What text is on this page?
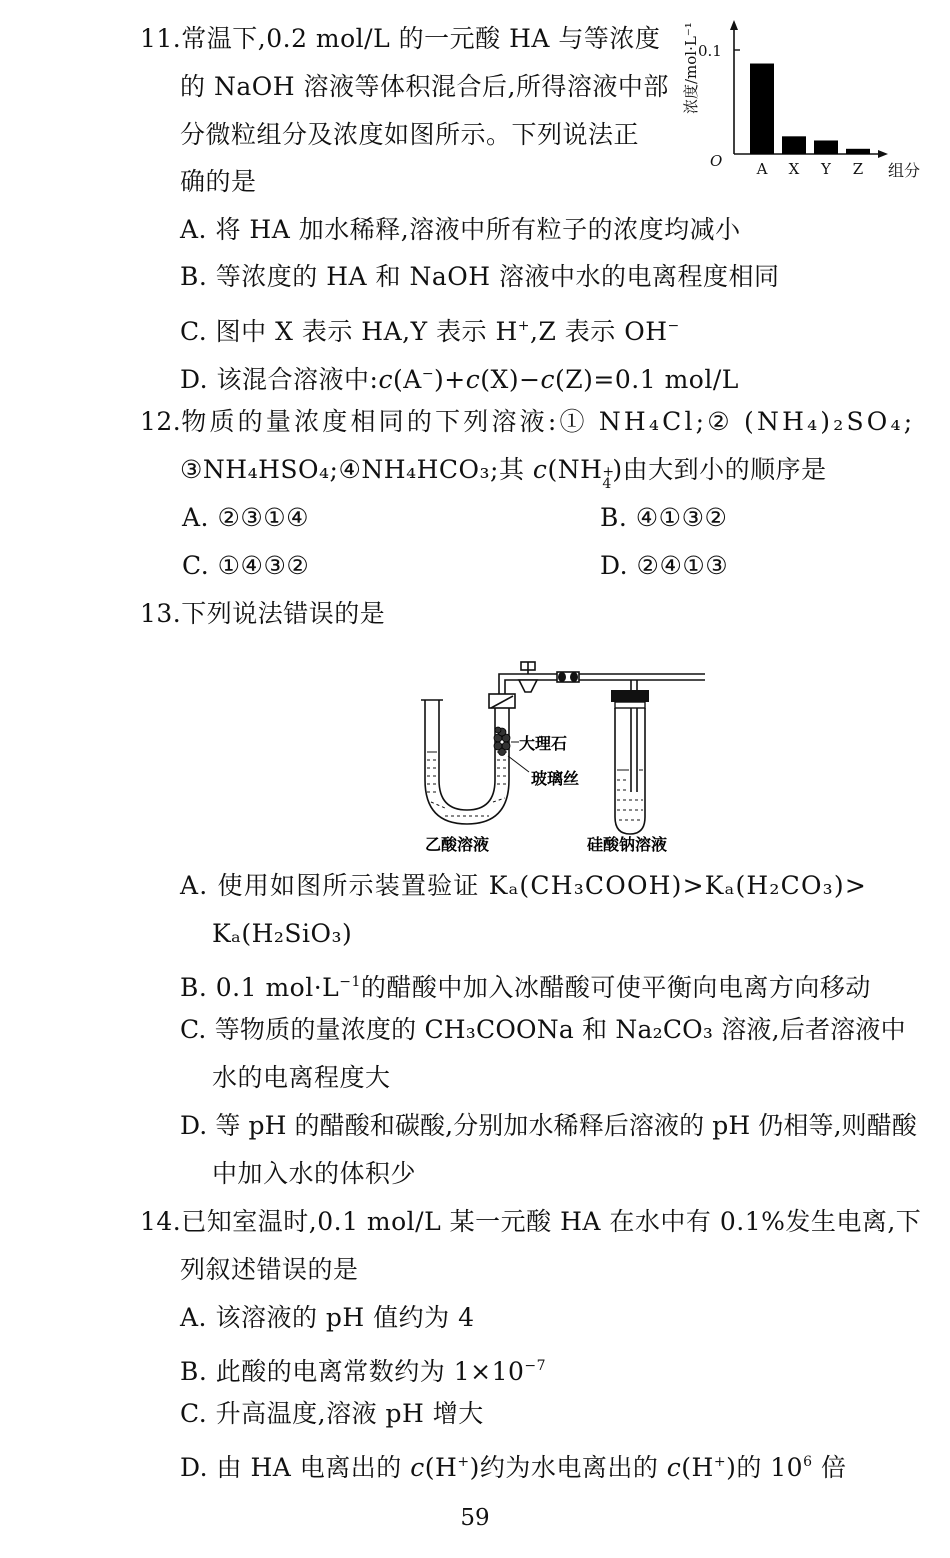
11.常温下,0.2 mol/L 的一元酸 HA 与等浓度
的 NaOH 溶液等体积混合后,所得溶液中部
分微粒组分及浓度如图所示。下列说法正
确的是
浓度/mol·L⁻¹
0.1
O	组分
A X Y Z
12.物质的量浓度相同的下列溶液:① NH₄Cl;② (NH₄)₂SO₄;
③NH₄HSO₄;④NH₄HCO₃;其 c(NH +
4 )由大到小的顺序是
A. ②③①④	B. ④①③②
C. ①④③②	D. ②④①③
13.下列说法错误的是
大理石
玻璃丝
乙酸溶液	硅酸钠溶液
A. 使用如图所示装置验证 Kₐ(CH₃COOH)>Kₐ(H₂CO₃)>
Kₐ(H₂SiO₃)
B. 0.1 $mol\cdot L^{-1}$的醋酸中加入冰醋酸可使平衡向电离方向移动
C. 等物质的量浓度的 CH₃COONa 和 Na₂CO₃ 溶液,后者溶液中
水的电离程度大
D. 等 pH 的醋酸和碳酸,分别加水稀释后溶液的 pH 仍相等,则醋酸
中加入水的体积少
14.已知室温时,0.1 mol/L 某一元酸 HA 在水中有 0.1%发生电离,下
列叙述错误的是
A. 该溶液的 pH 值约为 4
B. 此酸的电离常数约为 $1\times 10^{-7}$
C. 升高温度,溶液 pH 增大
D. 由 HA 电离出的 c(H+)约为水电离出的 c(H+)的 $10^6$ 倍
A. 将 HA 加水稀释,溶液中所有粒子的浓度均减小
B. 等浓度的 HA 和 NaOH 溶液中水的电离程度相同
C. 图中 X 表示 HA,Y 表示 H+,Z 表示 OH−
D. 该混合溶液中:c(A−)+c(X)−c(Z)=0.1 mol/L
59
